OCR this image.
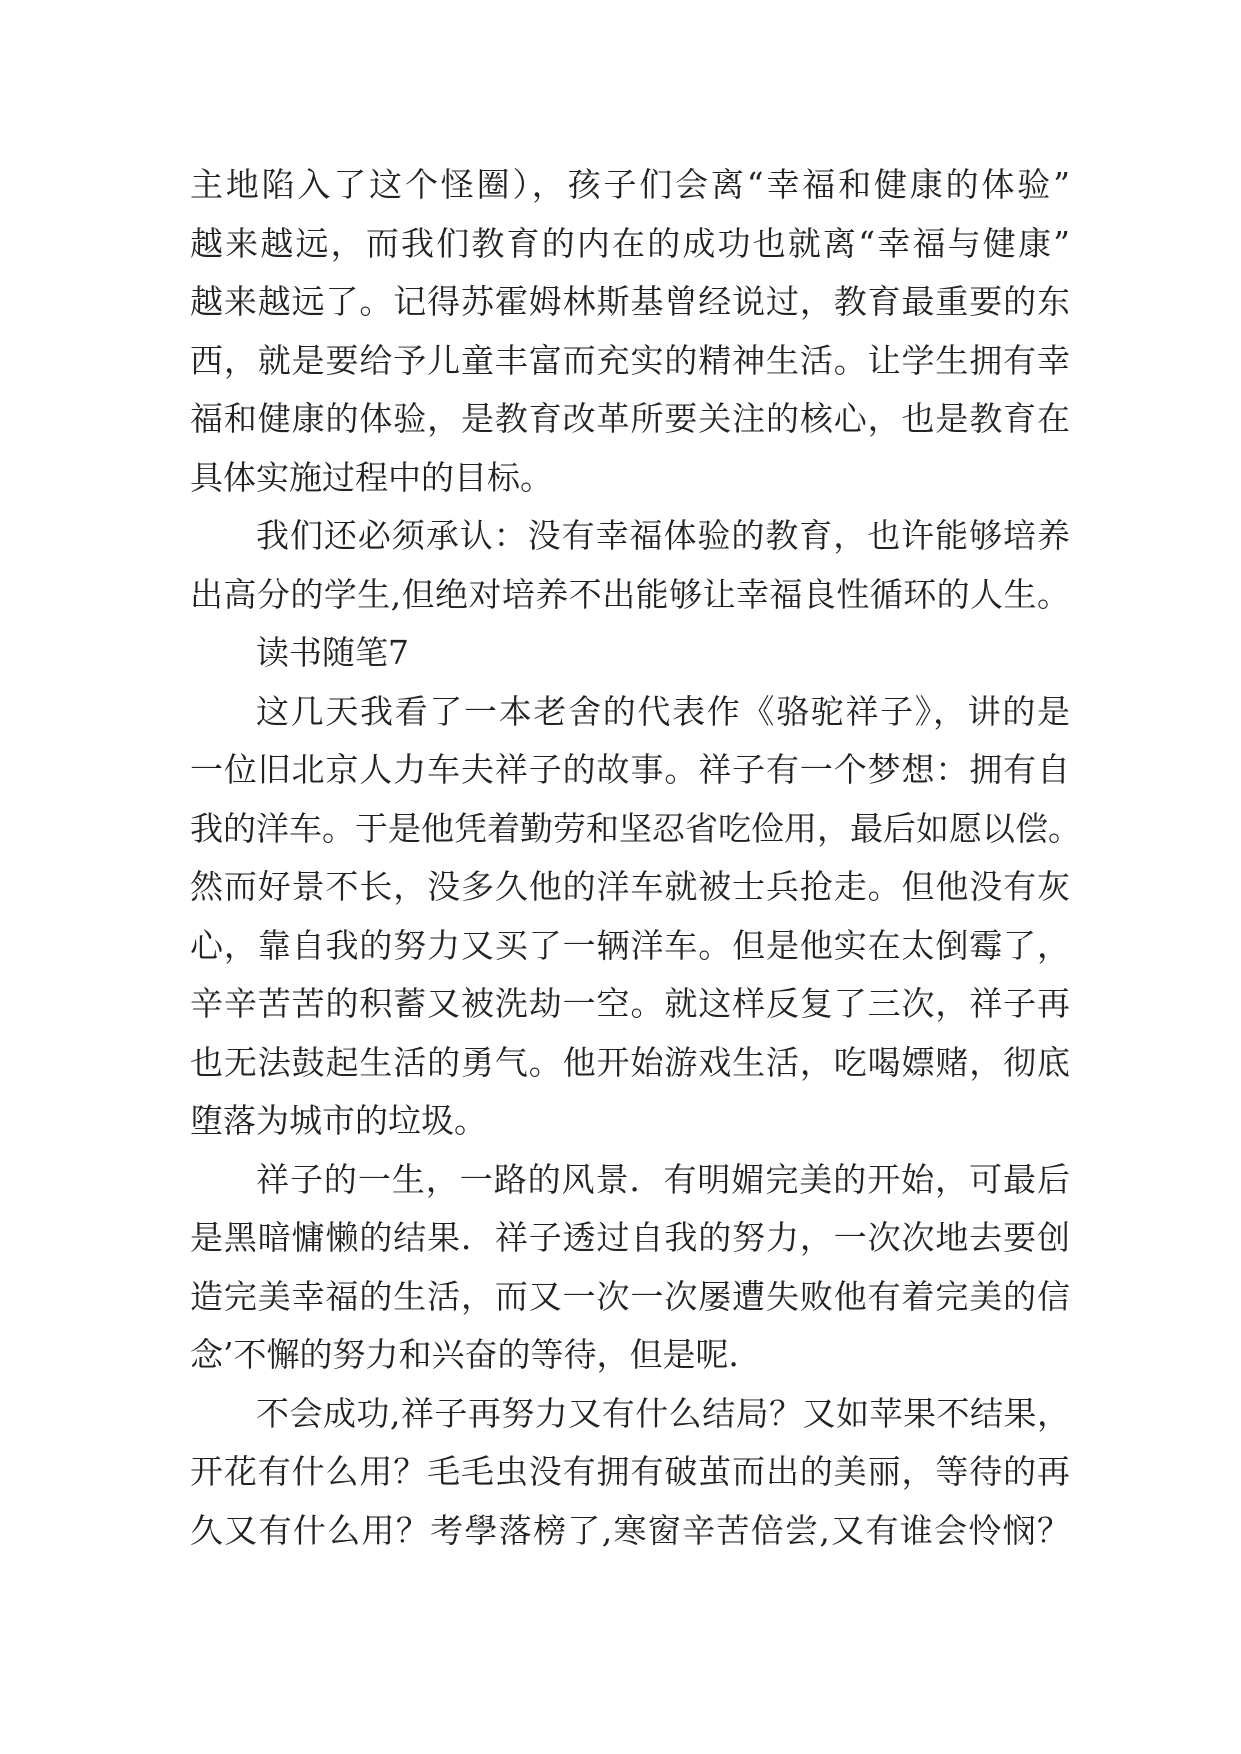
主地陷入了这个怪圈），孩子们会离“幸福和健康的体验”
越来越远，而我们教育的内在的成功也就离“幸福与健康”
越来越远了。记得苏霍姆林斯基曾经说过，教育最重要的东
西，就是要给予儿童丰富而充实的精神生活。让学生拥有幸
福和健康的体验，是教育改革所要关注的核心，也是教育在
具体实施过程中的目标。
我们还必须承认：没有幸福体验的教育，也许能够培养
出高分的学生,但绝对培养不出能够让幸福良性循环的人生。
读书随笔7
这几天我看了一本老舍的代表作《骆驼祥子》，讲的是
一位旧北京人力车夫祥子的故事。祥子有一个梦想：拥有自
我的洋车。于是他凭着勤劳和坚忍省吃俭用，最后如愿以偿。
然而好景不长，没多久他的洋车就被士兵抢走。但他没有灰
心，靠自我的努力又买了一辆洋车。但是他实在太倒霉了，
辛辛苦苦的积蓄又被洗劫一空。就这样反复了三次，祥子再
也无法鼓起生活的勇气。他开始游戏生活，吃喝嫖赌，彻底
堕落为城市的垃圾。
祥子的一生，一路的风景．有明媚完美的开始，可最后
是黑暗慵懒的结果．祥子透过自我的努力，一次次地去要创
造完美幸福的生活，而又一次一次屡遭失败他有着完美的信
念’不懈的努力和兴奋的等待，但是呢．
不会成功,祥子再努力又有什么结局？又如苹果不结果，
开花有什么用？毛毛虫没有拥有破茧而出的美丽，等待的再
久又有什么用？考學落榜了,寒窗辛苦倍尝,又有谁会怜悯？
